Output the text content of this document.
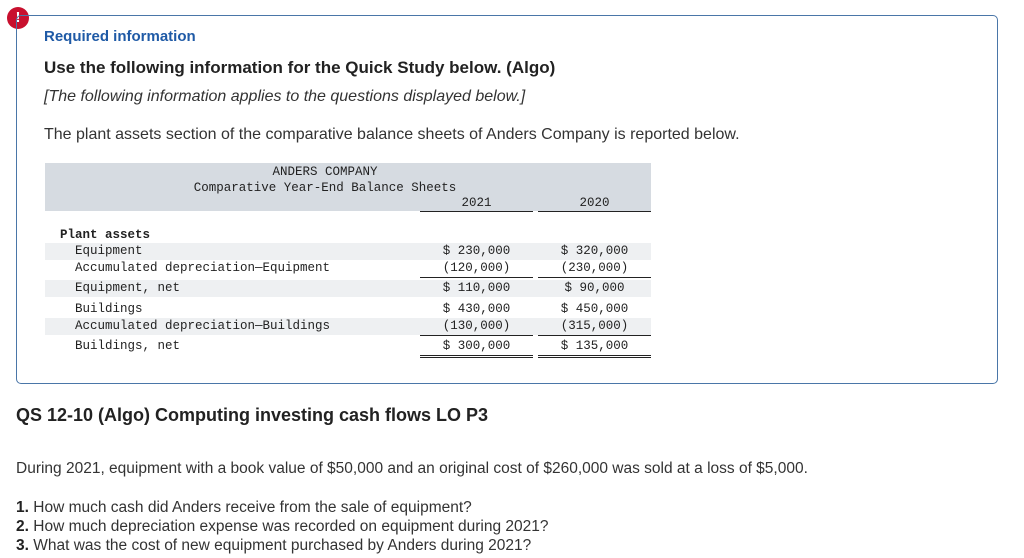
!
Required information
Use the following information for the Quick Study below. (Algo)
[The following information applies to the questions displayed below.]
The plant assets section of the comparative balance sheets of Anders Company is reported below.
ANDERS COMPANY
Comparative Year-End Balance Sheets
2021	2020
Plant assets
Equipment	$ 230,000	$ 320,000
Accumulated depreciation—Equipment	(120,000)	(230,000)
Equipment, net	$ 110,000	$ 90,000
Buildings	$ 430,000	$ 450,000
Accumulated depreciation—Buildings	(130,000)	(315,000)
Buildings, net	$ 300,000	$ 135,000
QS 12-10 (Algo) Computing investing cash flows LO P3
During 2021, equipment with a book value of $50,000 and an original cost of $260,000 was sold at a loss of $5,000.
1. How much cash did Anders receive from the sale of equipment?
2. How much depreciation expense was recorded on equipment during 2021?
3. What was the cost of new equipment purchased by Anders during 2021?
